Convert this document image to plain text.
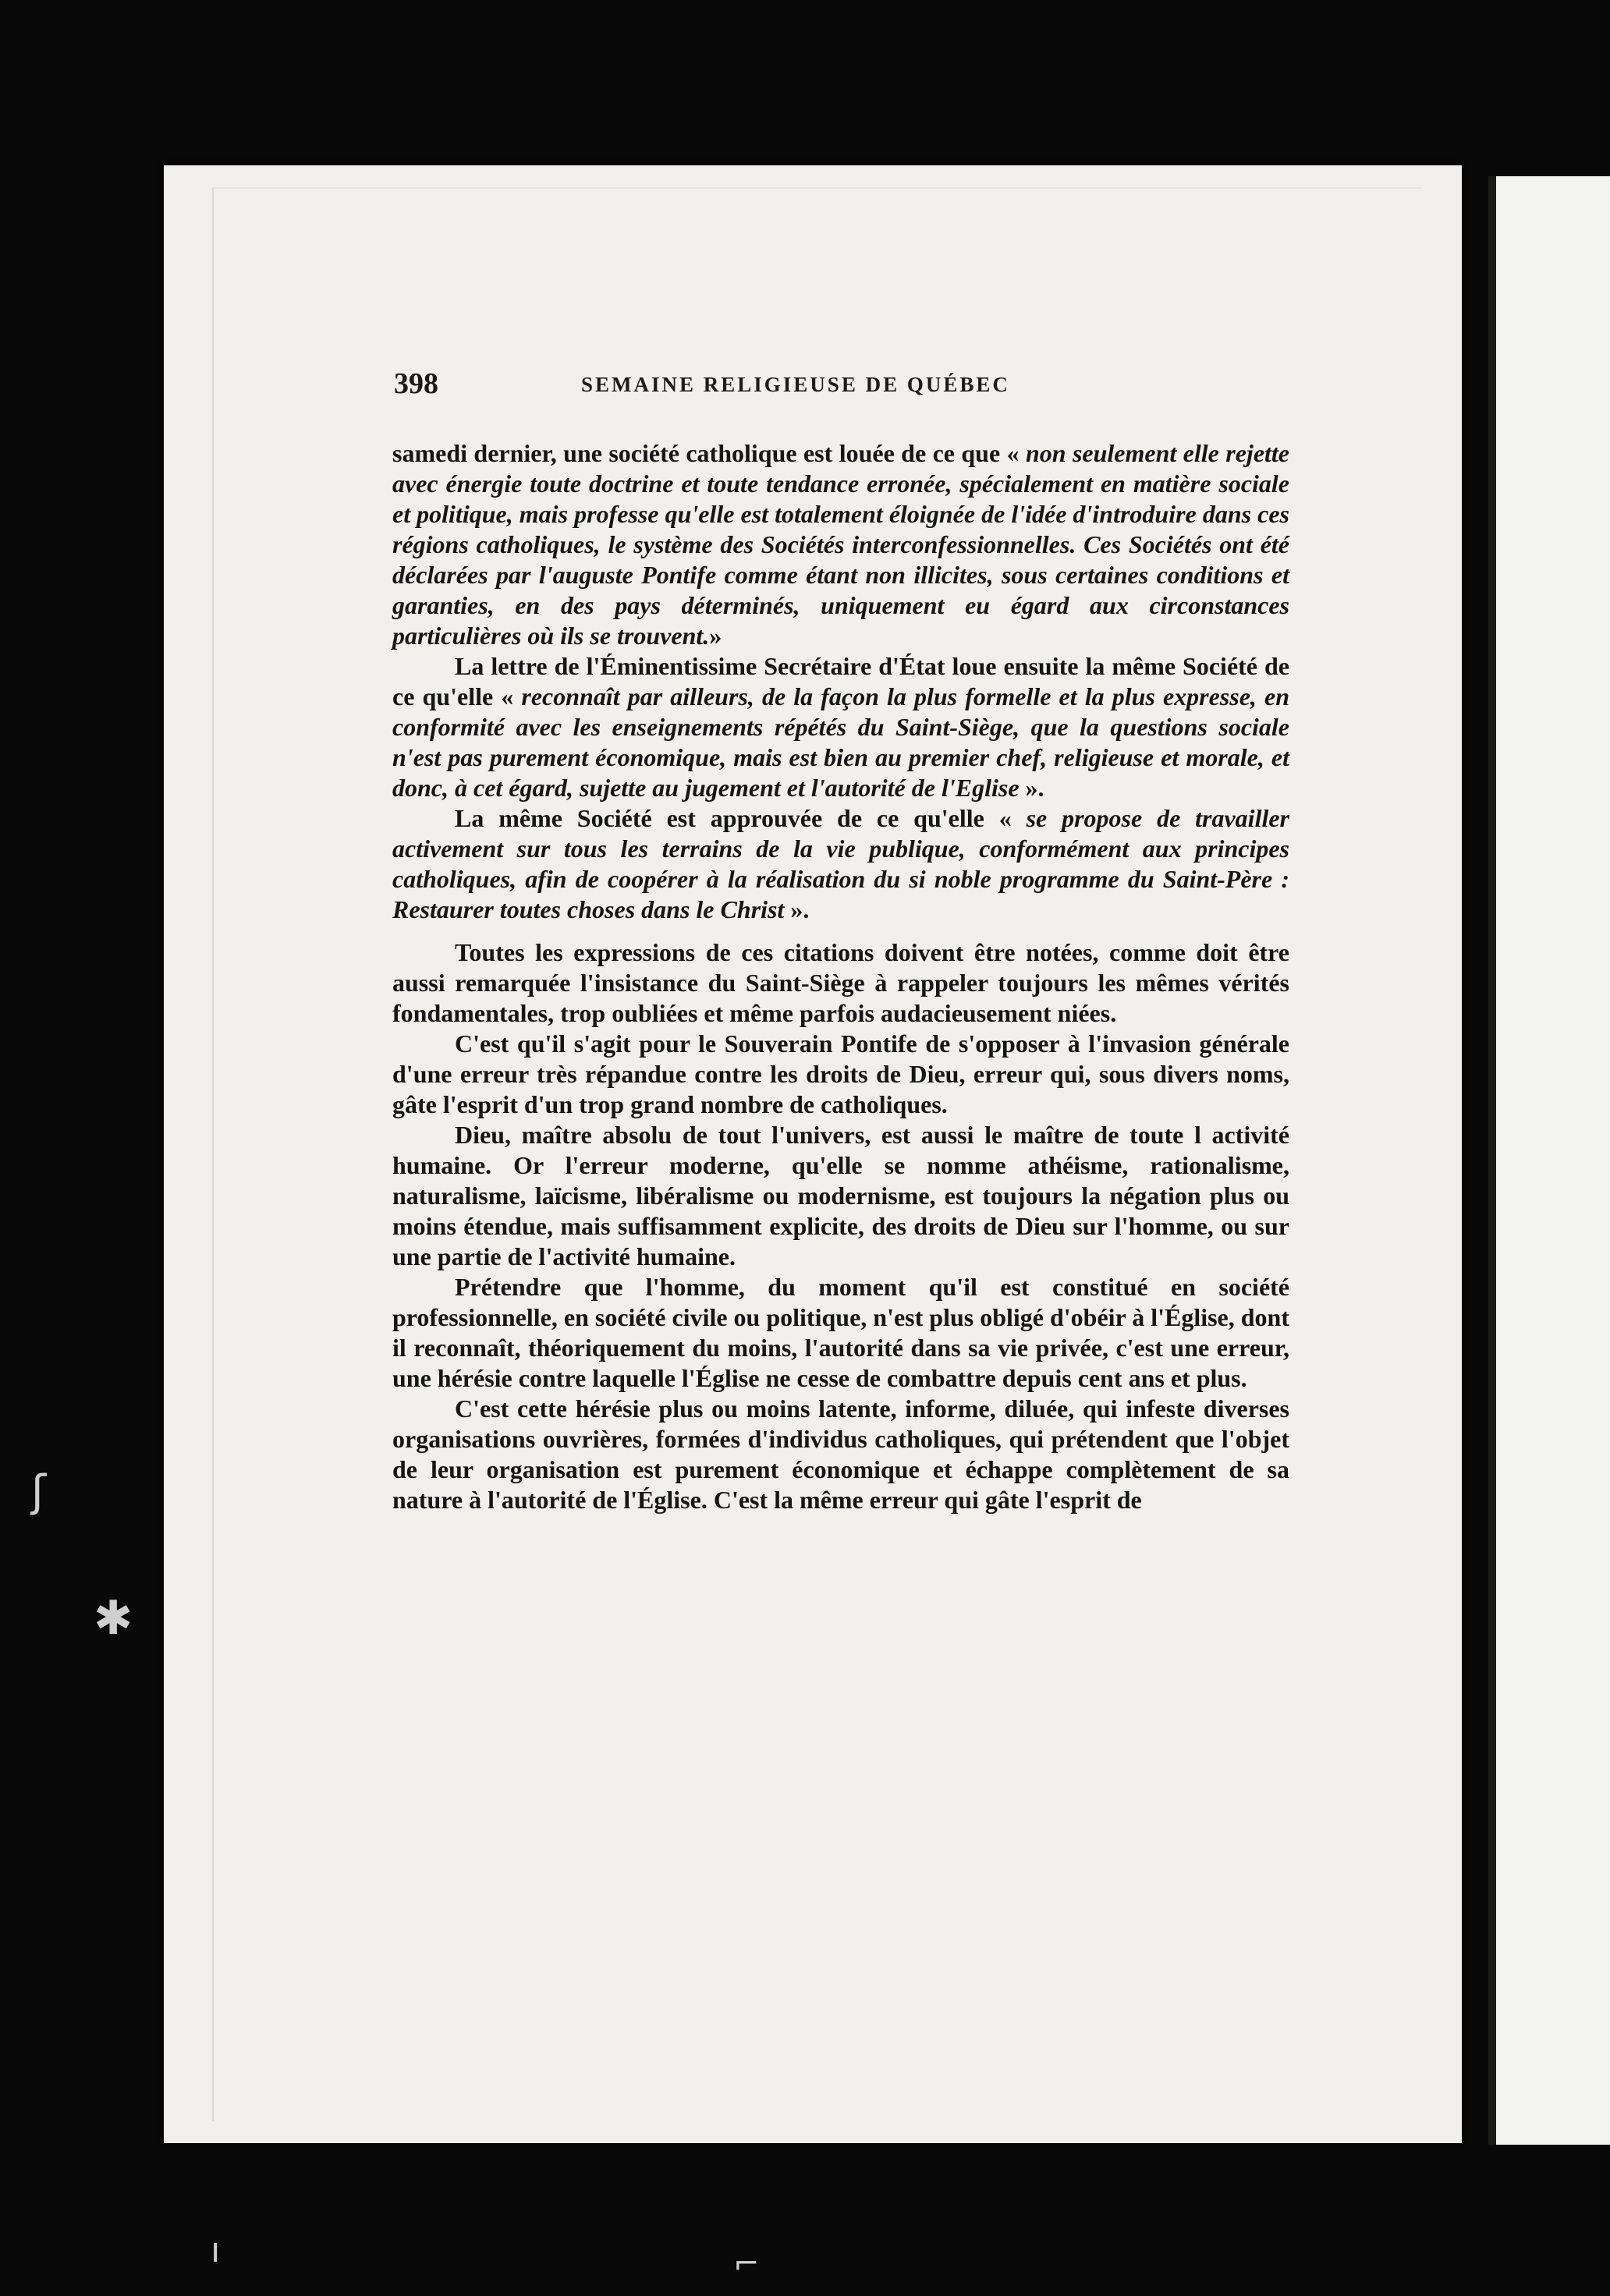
398	SEMAINE RELIGIEUSE DE QUÉBEC

samedi dernier, une société catholique est louée de ce que « non seulement elle rejette avec énergie toute doctrine et toute tendance erronée, spécialement en matière sociale et politique, mais professe qu'elle est totalement éloignée de l'idée d'introduire dans ces régions catholiques, le système des Sociétés interconfessionnelles. Ces Sociétés ont été déclarées par l'auguste Pontife comme étant non illicites, sous certaines conditions et garanties, en des pays déterminés, uniquement eu égard aux circonstances particulières où ils se trouvent.»

La lettre de l'Éminentissime Secrétaire d'État loue ensuite la même Société de ce qu'elle « reconnaît par ailleurs, de la façon la plus formelle et la plus expresse, en conformité avec les enseignements répétés du Saint-Siège, que la questions sociale n'est pas purement économique, mais est bien au premier chef, religieuse et morale, et donc, à cet égard, sujette au jugement et l'autorité de l'Eglise ».

La même Société est approuvée de ce qu'elle « se propose de travailler activement sur tous les terrains de la vie publique, conformément aux principes catholiques, afin de coopérer à la réalisation du si noble programme du Saint-Père : Restaurer toutes choses dans le Christ ».

Toutes les expressions de ces citations doivent être notées, comme doit être aussi remarquée l'insistance du Saint-Siège à rappeler toujours les mêmes vérités fondamentales, trop oubliées et même parfois audacieusement niées.

C'est qu'il s'agit pour le Souverain Pontife de s'opposer à l'invasion générale d'une erreur très répandue contre les droits de Dieu, erreur qui, sous divers noms, gâte l'esprit d'un trop grand nombre de catholiques.

Dieu, maître absolu de tout l'univers, est aussi le maître de toute l activité humaine. Or l'erreur moderne, qu'elle se nomme athéisme, rationalisme, naturalisme, laïcisme, libéralisme ou modernisme, est toujours la négation plus ou moins étendue, mais suffisamment explicite, des droits de Dieu sur l'homme, ou sur une partie de l'activité humaine.

Prétendre que l'homme, du moment qu'il est constitué en société professionnelle, en société civile ou politique, n'est plus obligé d'obéir à l'Église, dont il reconnaît, théoriquement du moins, l'autorité dans sa vie privée, c'est une erreur, une hérésie contre laquelle l'Église ne cesse de combattre depuis cent ans et plus.

C'est cette hérésie plus ou moins latente, informe, diluée, qui infeste diverses organisations ouvrières, formées d'individus catholiques, qui prétendent que l'objet de leur organisation est purement économique et échappe complètement de sa nature à l'autorité de l'Église. C'est la même erreur qui gâte l'esprit de

ʃ
✱
⌐
ı
